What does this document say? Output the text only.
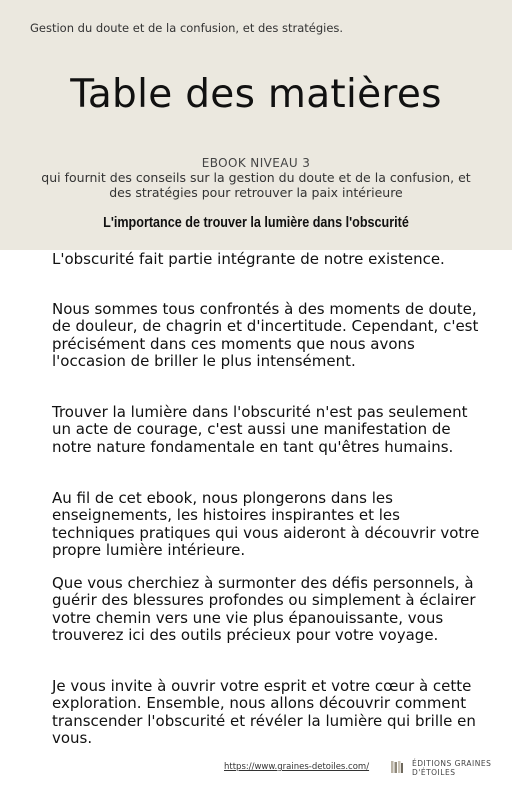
Gestion du doute et de la confusion, et des stratégies.
Table des matières
EBOOK NIVEAU 3
qui fournit des conseils sur la gestion du doute et de la confusion, et des stratégies pour retrouver la paix intérieure
L'importance de trouver la lumière dans l'obscurité

L'obscurité fait partie intégrante de notre existence.

Nous sommes tous confrontés à des moments de doute, de douleur, de chagrin et d'incertitude. Cependant, c'est précisément dans ces moments que nous avons l'occasion de briller le plus intensément.

Trouver la lumière dans l'obscurité n'est pas seulement un acte de courage, c'est aussi une manifestation de notre nature fondamentale en tant qu'êtres humains.

Au fil de cet ebook, nous plongerons dans les enseignements, les histoires inspirantes et les techniques pratiques qui vous aideront à découvrir votre propre lumière intérieure.

Que vous cherchiez à surmonter des défis personnels, à guérir des blessures profondes ou simplement à éclairer votre chemin vers une vie plus épanouissante, vous trouverez ici des outils précieux pour votre voyage.

Je vous invite à ouvrir votre esprit et votre cœur à cette exploration. Ensemble, nous allons découvrir comment transcender l'obscurité et révéler la lumière qui brille en vous.

https://www.graines-detoiles.com/	ÉDITIONS GRAINES
D'ÉTOILES
